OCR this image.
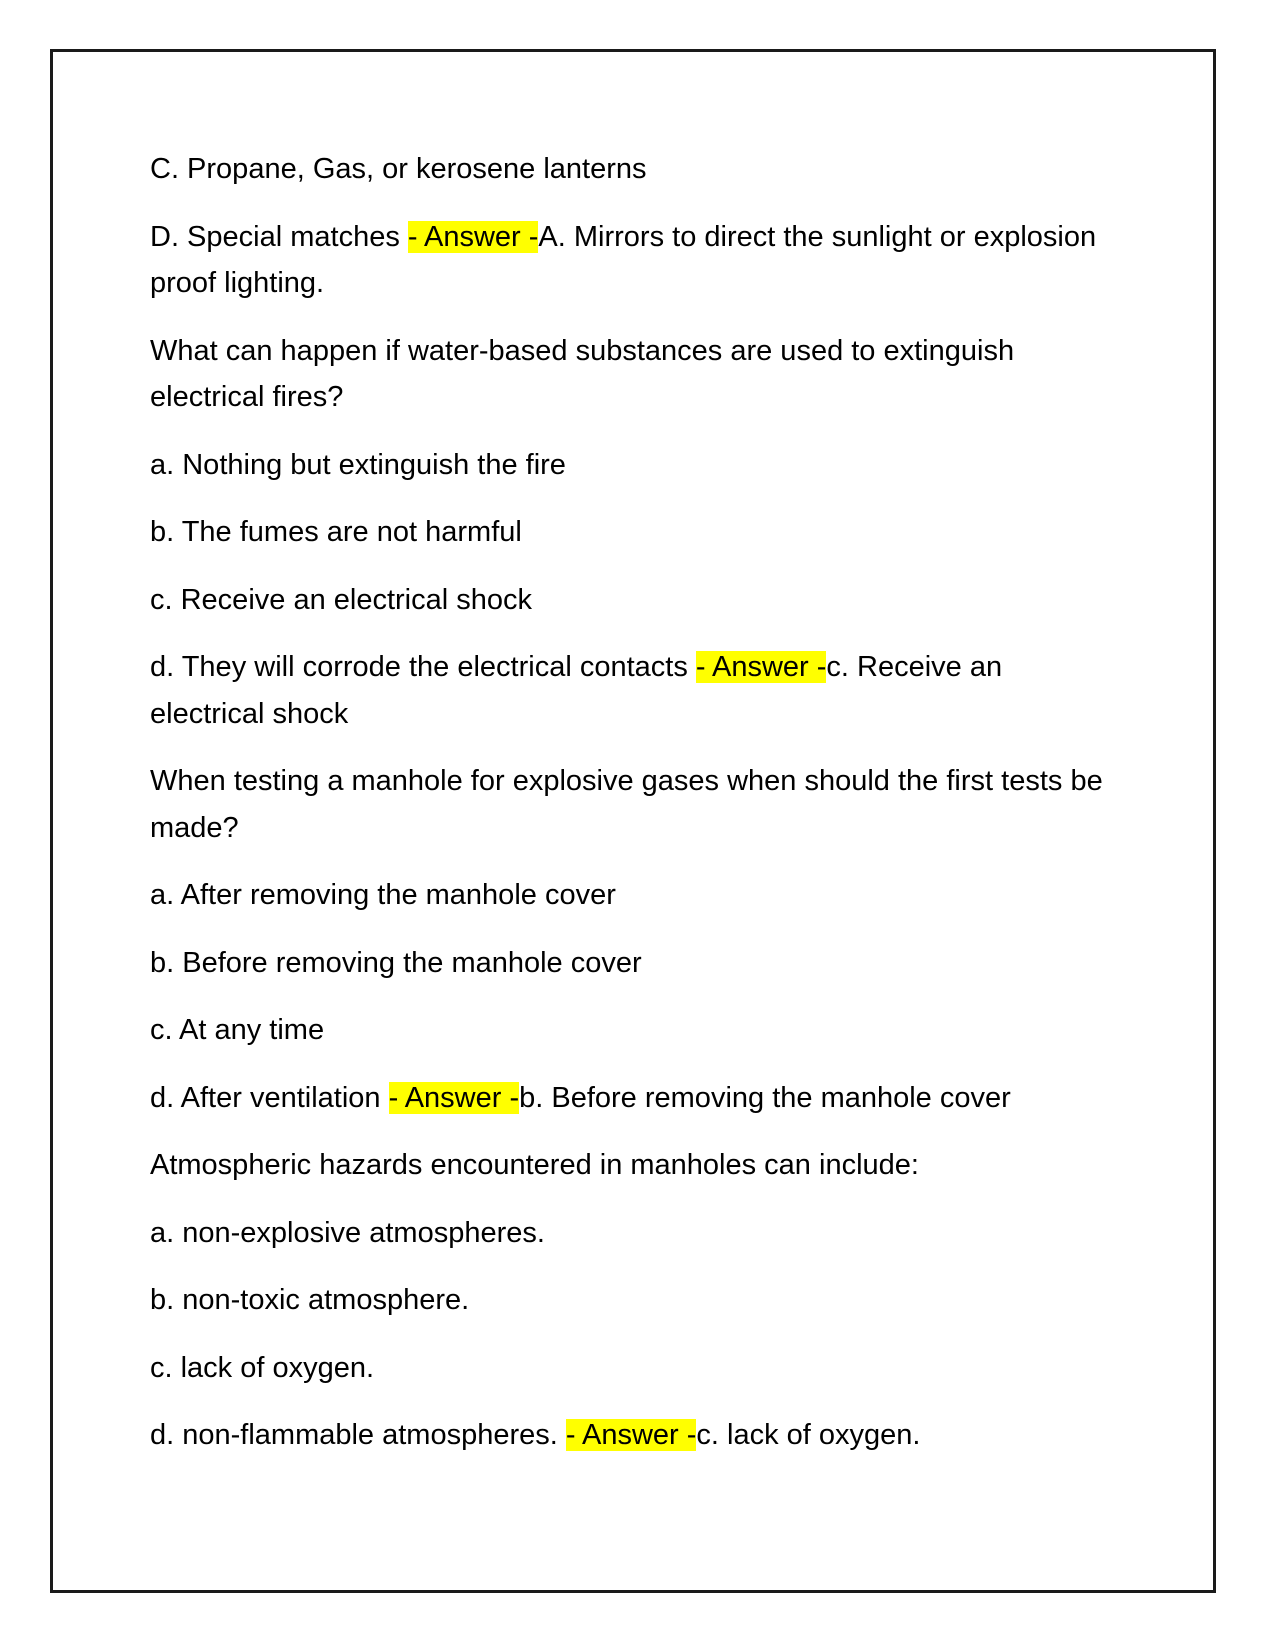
C. Propane, Gas, or kerosene lanterns

D. Special matches - Answer -A. Mirrors to direct the sunlight or explosion proof lighting.

What can happen if water-based substances are used to extinguish electrical fires?

a. Nothing but extinguish the fire

b. The fumes are not harmful

c. Receive an electrical shock

d. They will corrode the electrical contacts - Answer -c. Receive an electrical shock

When testing a manhole for explosive gases when should the first tests be made?

a. After removing the manhole cover

b. Before removing the manhole cover

c. At any time

d. After ventilation - Answer -b. Before removing the manhole cover

Atmospheric hazards encountered in manholes can include:

a. non-explosive atmospheres.

b. non-toxic atmosphere.

c. lack of oxygen.

d. non-flammable atmospheres. - Answer -c. lack of oxygen.
